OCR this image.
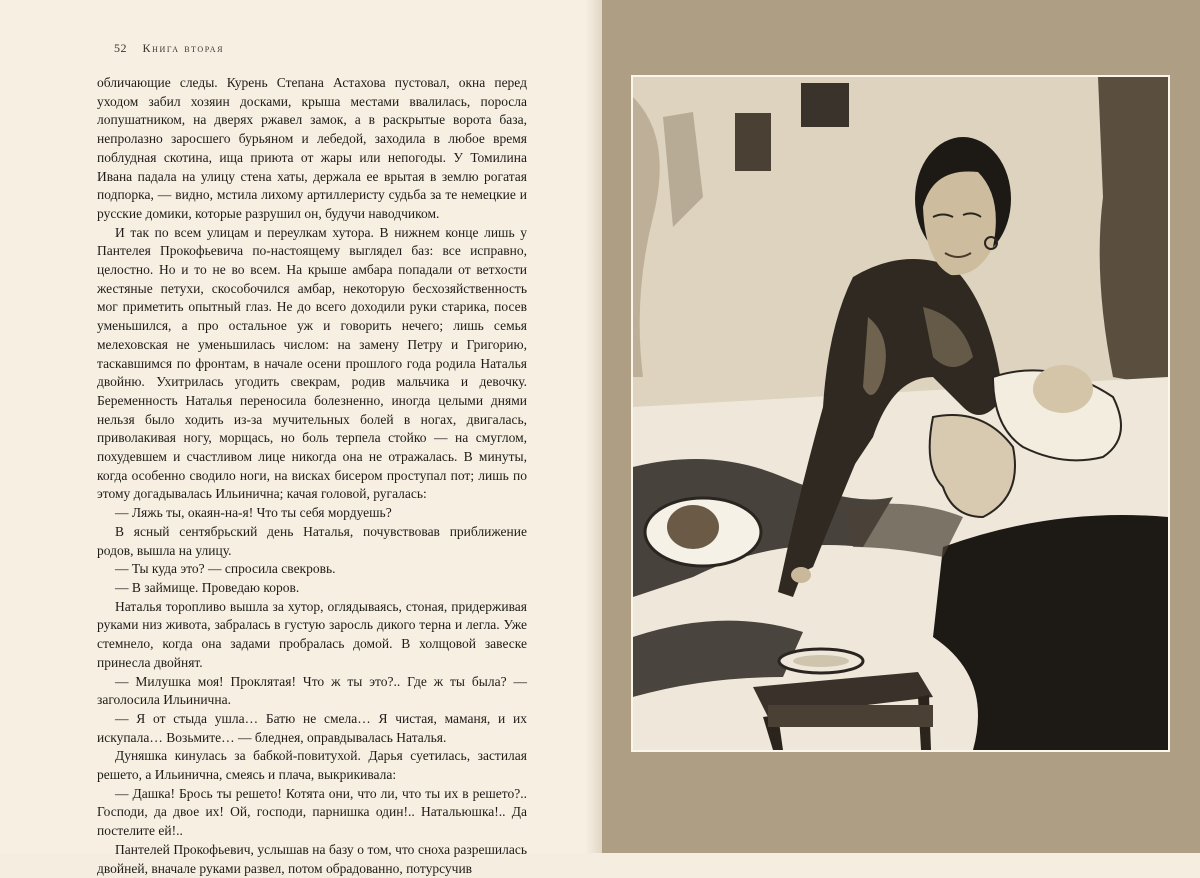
52 Книга вторая

обличающие следы. Курень Степана Астахова пустовал, окна перед уходом забил хозяин досками, крыша местами ввалилась, поросла лопушатником, на дверях ржавел замок, а в раскрытые ворота база, непролазно заросшего бурьяном и лебедой, заходила в любое время поблудная скотина, ища приюта от жары или непогоды. У Томилина Ивана падала на улицу стена хаты, держала ее врытая в землю рогатая подпорка, — видно, мстила лихому артиллеристу судьба за те немецкие и русские домики, которые разрушил он, будучи наводчиком.

И так по всем улицам и переулкам хутора. В нижнем конце лишь у Пантелея Прокофьевича по-настоящему выглядел баз: все исправно, целостно. Но и то не во всем. На крыше амбара попадали от ветхости жестяные петухи, скособочился амбар, некоторую бесхозяйственность мог приметить опытный глаз. Не до всего доходили руки старика, посев уменьшился, а про остальное уж и говорить нечего; лишь семья мелеховская не уменьшилась числом: на замену Петру и Григорию, таскавшимся по фронтам, в начале осени прошлого года родила Наталья двойню. Ухитрилась угодить свекрам, родив мальчика и девочку. Беременность Наталья переносила болезненно, иногда целыми днями нельзя было ходить из-за мучительных болей в ногах, двигалась, приволакивая ногу, морщась, но боль терпела стойко — на смуглом, похудевшем и счастливом лице никогда она не отражалась. В минуты, когда особенно сводило ноги, на висках бисером проступал пот; лишь по этому догадывалась Ильинична; качая головой, ругалась:

— Ляжь ты, окаян-на-я! Что ты себя мордуешь?

В ясный сентябрьский день Наталья, почувствовав приближение родов, вышла на улицу.

— Ты куда это? — спросила свекровь.

— В займище. Проведаю коров.

Наталья торопливо вышла за хутор, оглядываясь, стоная, придерживая руками низ живота, забралась в густую заросль дикого терна и легла. Уже стемнело, когда она задами пробралась домой. В холщовой завеске принесла двойнят.

— Милушка моя! Проклятая! Что ж ты это?.. Где ж ты была? — заголосила Ильинична.

— Я от стыда ушла… Батю не смела… Я чистая, маманя, и их искупала… Возьмите… — бледнея, оправдывалась Наталья.

Дуняшка кинулась за бабкой-повитухой. Дарья суетилась, застилая решето, а Ильинична, смеясь и плача, выкрикивала:

— Дашка! Брось ты решето! Котята они, что ли, что ты их в решето?.. Господи, да двое их! Ой, господи, парнишка один!.. Натальюшка!.. Да постелите ей!..

Пантелей Прокофьевич, услышав на базу о том, что сноха разрешилась двойней, вначале руками развел, потом обрадованно, потурсучив
